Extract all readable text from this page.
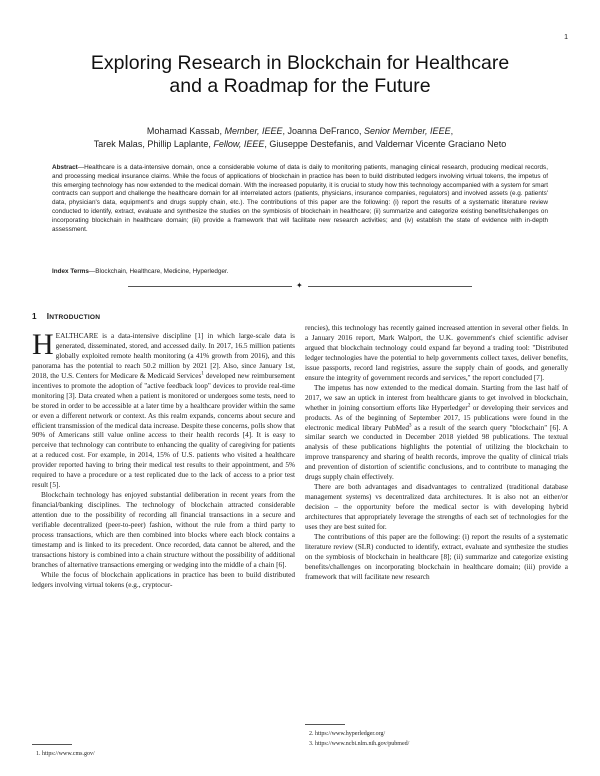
1
Exploring Research in Blockchain for Healthcare
and a Roadmap for the Future
Mohamad Kassab, Member, IEEE, Joanna DeFranco, Senior Member, IEEE,
Tarek Malas, Phillip Laplante, Fellow, IEEE, Giuseppe Destefanis, and Valdemar Vicente Graciano Neto
Abstract—Healthcare is a data-intensive domain, once a considerable volume of data is daily to monitoring patients, managing clinical research, producing medical records, and processing medical insurance claims. While the focus of applications of blockchain in practice has been to build distributed ledgers involving virtual tokens, the impetus of this emerging technology has now extended to the medical domain. With the increased popularity, it is crucial to study how this technology accompanied with a system for smart contracts can support and challenge the healthcare domain for all interrelated actors (patients, physicians, insurance companies, regulators) and involved assets (e.g. patients' data, physician's data, equipment's and drugs supply chain, etc.). The contributions of this paper are the following: (i) report the results of a systematic literature review conducted to identify, extract, evaluate and synthesize the studies on the symbiosis of blockchain in healthcare; (ii) summarize and categorize existing benefits/challenges on incorporating blockchain in healthcare domain; (iii) provide a framework that will facilitate new research activities; and (iv) establish the state of evidence with in-depth assessment.
Index Terms—Blockchain, Healthcare, Medicine, Hyperledger.
✦
1 INTRODUCTION

HEALTHCARE is a data-intensive discipline [1] in which large-scale data is generated, disseminated, stored, and accessed daily. In 2017, 16.5 million patients globally exploited remote health monitoring (a 41% growth from 2016), and this panorama has the potential to reach 50.2 million by 2021 [2]. Also, since January 1st, 2018, the U.S. Centers for Medicare & Medicaid Services$^1$ developed new reimbursement incentives to promote the adoption of "active feedback loop" devices to provide real-time monitoring [3]. Data created when a patient is monitored or undergoes some tests, need to be stored in order to be accessible at a later time by a healthcare provider within the same or even a different network or context. As this realm expands, concerns about secure and efficient transmission of the medical data increase. Despite these concerns, polls show that 90% of Americans still value online access to their health records [4]. It is easy to perceive that technology can contribute to enhancing the quality of caregiving for patients at a reduced cost. For example, in 2014, 15% of U.S. patients who visited a healthcare provider reported having to bring their medical test results to their appointment, and 5% required to have a procedure or a test replicated due to the lack of access to a prior test result [5].

Blockchain technology has enjoyed substantial deliberation in recent years from the financial/banking disciplines. The technology of blockchain attracted considerable attention due to the possibility of recording all financial transactions in a secure and verifiable decentralized (peer-to-peer) fashion, without the rule from a third party to process transactions, which are then combined into blocks where each block contains a timestamp and is linked to its precedent. Once recorded, data cannot be altered, and the transactions history is combined into a chain structure without the possibility of additional branches of alternative transactions emerging or wedging into the middle of a chain [6].

While the focus of blockchain applications in practice has been to build distributed ledgers involving virtual tokens (e.g., cryptocur-

rencies), this technology has recently gained increased attention in several other fields. In a January 2016 report, Mark Walport, the U.K. government's chief scientific adviser argued that blockchain technology could expand far beyond a trading tool: "Distributed ledger technologies have the potential to help governments collect taxes, deliver benefits, issue passports, record land registries, assure the supply chain of goods, and generally ensure the integrity of government records and services," the report concluded [7].

The impetus has now extended to the medical domain. Starting from the last half of 2017, we saw an uptick in interest from healthcare giants to get involved in blockchain, whether in joining consortium efforts like Hyperledger$^2$ or developing their services and products. As of the beginning of September 2017, 15 publications were found in the electronic medical library PubMed$^3$ as a result of the search query "blockchain" [6]. A similar search we conducted in December 2018 yielded 98 publications. The textual analysis of these publications highlights the potential of utilizing the blockchain to improve transparency and sharing of health records, improve the quality of clinical trials and prevention of distortion of scientific conclusions, and to contribute to managing the drugs supply chain effectively.

There are both advantages and disadvantages to centralized (traditional database management systems) vs decentralized data architectures. It is also not an either/or decision – the opportunity before the medical sector is with developing hybrid architectures that appropriately leverage the strengths of each set of technologies for the uses they are best suited for.

The contributions of this paper are the following: (i) report the results of a systematic literature review (SLR) conducted to identify, extract, evaluate and synthesize the studies on the symbiosis of blockchain in healthcare [8]; (ii) summarize and categorize existing benefits/challenges on incorporating blockchain in healthcare domain; (iii) provide a framework that will facilitate new research

1. https://www.cms.gov/
2. https://www.hyperledger.org/
3. https://www.ncbi.nlm.nih.gov/pubmed/
